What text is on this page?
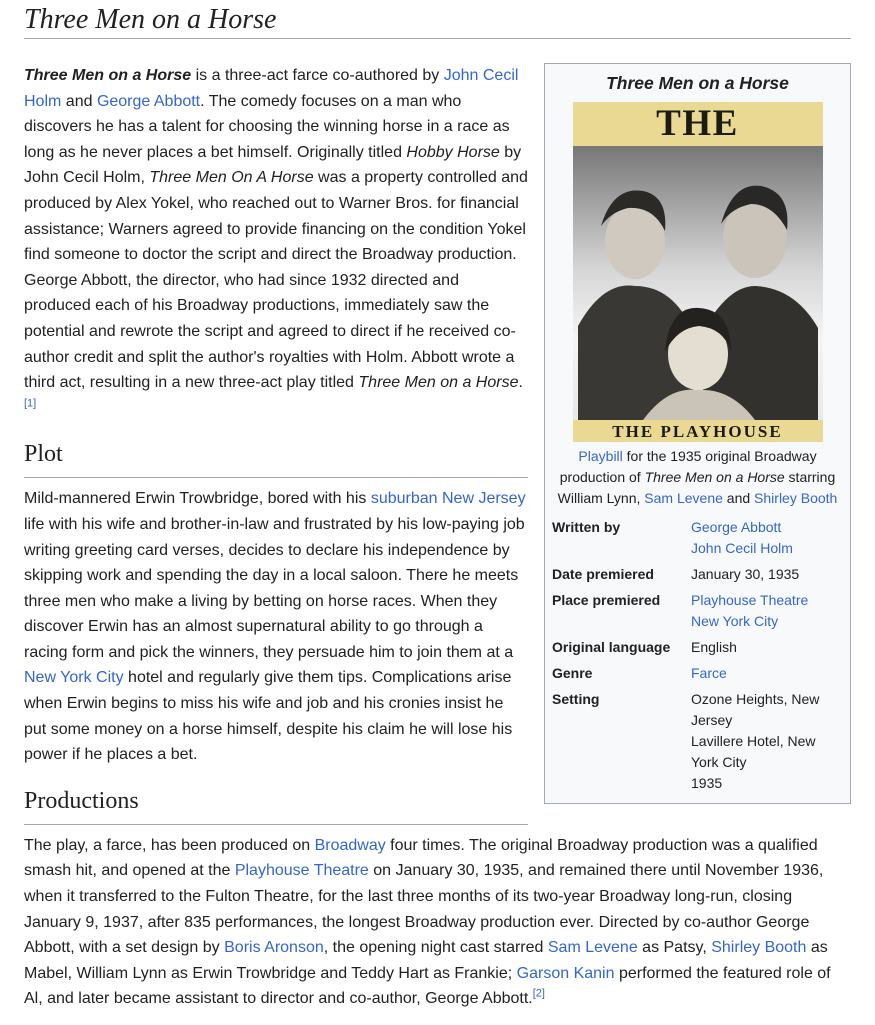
Three Men on a Horse
Three Men on a Horse
THE
THE PLAYHOUSE
Playbill for the 1935 original Broadway production of Three Men on a Horse starring William Lynn, Sam Levene and Shirley Booth
Written by	George Abbott
John Cecil Holm
Date premiered	January 30, 1935
Place premiered	Playhouse Theatre
New York City
Original language	English
Genre	Farce
Setting	Ozone Heights, New Jersey
Lavillere Hotel, New York City
1935

Three Men on a Horse is a three-act farce co-authored by John Cecil Holm and George Abbott. The comedy focuses on a man who discovers he has a talent for choosing the winning horse in a race as long as he never places a bet himself. Originally titled Hobby Horse by John Cecil Holm, Three Men On A Horse was a property controlled and produced by Alex Yokel, who reached out to Warner Bros. for financial assistance; Warners agreed to provide financing on the condition Yokel find someone to doctor the script and direct the Broadway production. George Abbott, the director, who had since 1932 directed and produced each of his Broadway productions, immediately saw the potential and rewrote the script and agreed to direct if he received co-author credit and split the author's royalties with Holm. Abbott wrote a third act, resulting in a new three-act play titled Three Men on a Horse.[1]

Plot

Mild-mannered Erwin Trowbridge, bored with his suburban New Jersey life with his wife and brother-in-law and frustrated by his low-paying job writing greeting card verses, decides to declare his independence by skipping work and spending the day in a local saloon. There he meets three men who make a living by betting on horse races. When they discover Erwin has an almost supernatural ability to go through a racing form and pick the winners, they persuade him to join them at a New York City hotel and regularly give them tips. Complications arise when Erwin begins to miss his wife and job and his cronies insist he put some money on a horse himself, despite his claim he will lose his power if he places a bet.

Productions

The play, a farce, has been produced on Broadway four times. The original Broadway production was a qualified smash hit, and opened at the Playhouse Theatre on January 30, 1935, and remained there until November 1936, when it transferred to the Fulton Theatre, for the last three months of its two-year Broadway long-run, closing January 9, 1937, after 835 performances, the longest Broadway production ever. Directed by co-author George Abbott, with a set design by Boris Aronson, the opening night cast starred Sam Levene as Patsy, Shirley Booth as Mabel, William Lynn as Erwin Trowbridge and Teddy Hart as Frankie; Garson Kanin performed the featured role of Al, and later became assistant to director and co-author, George Abbott.[2]
